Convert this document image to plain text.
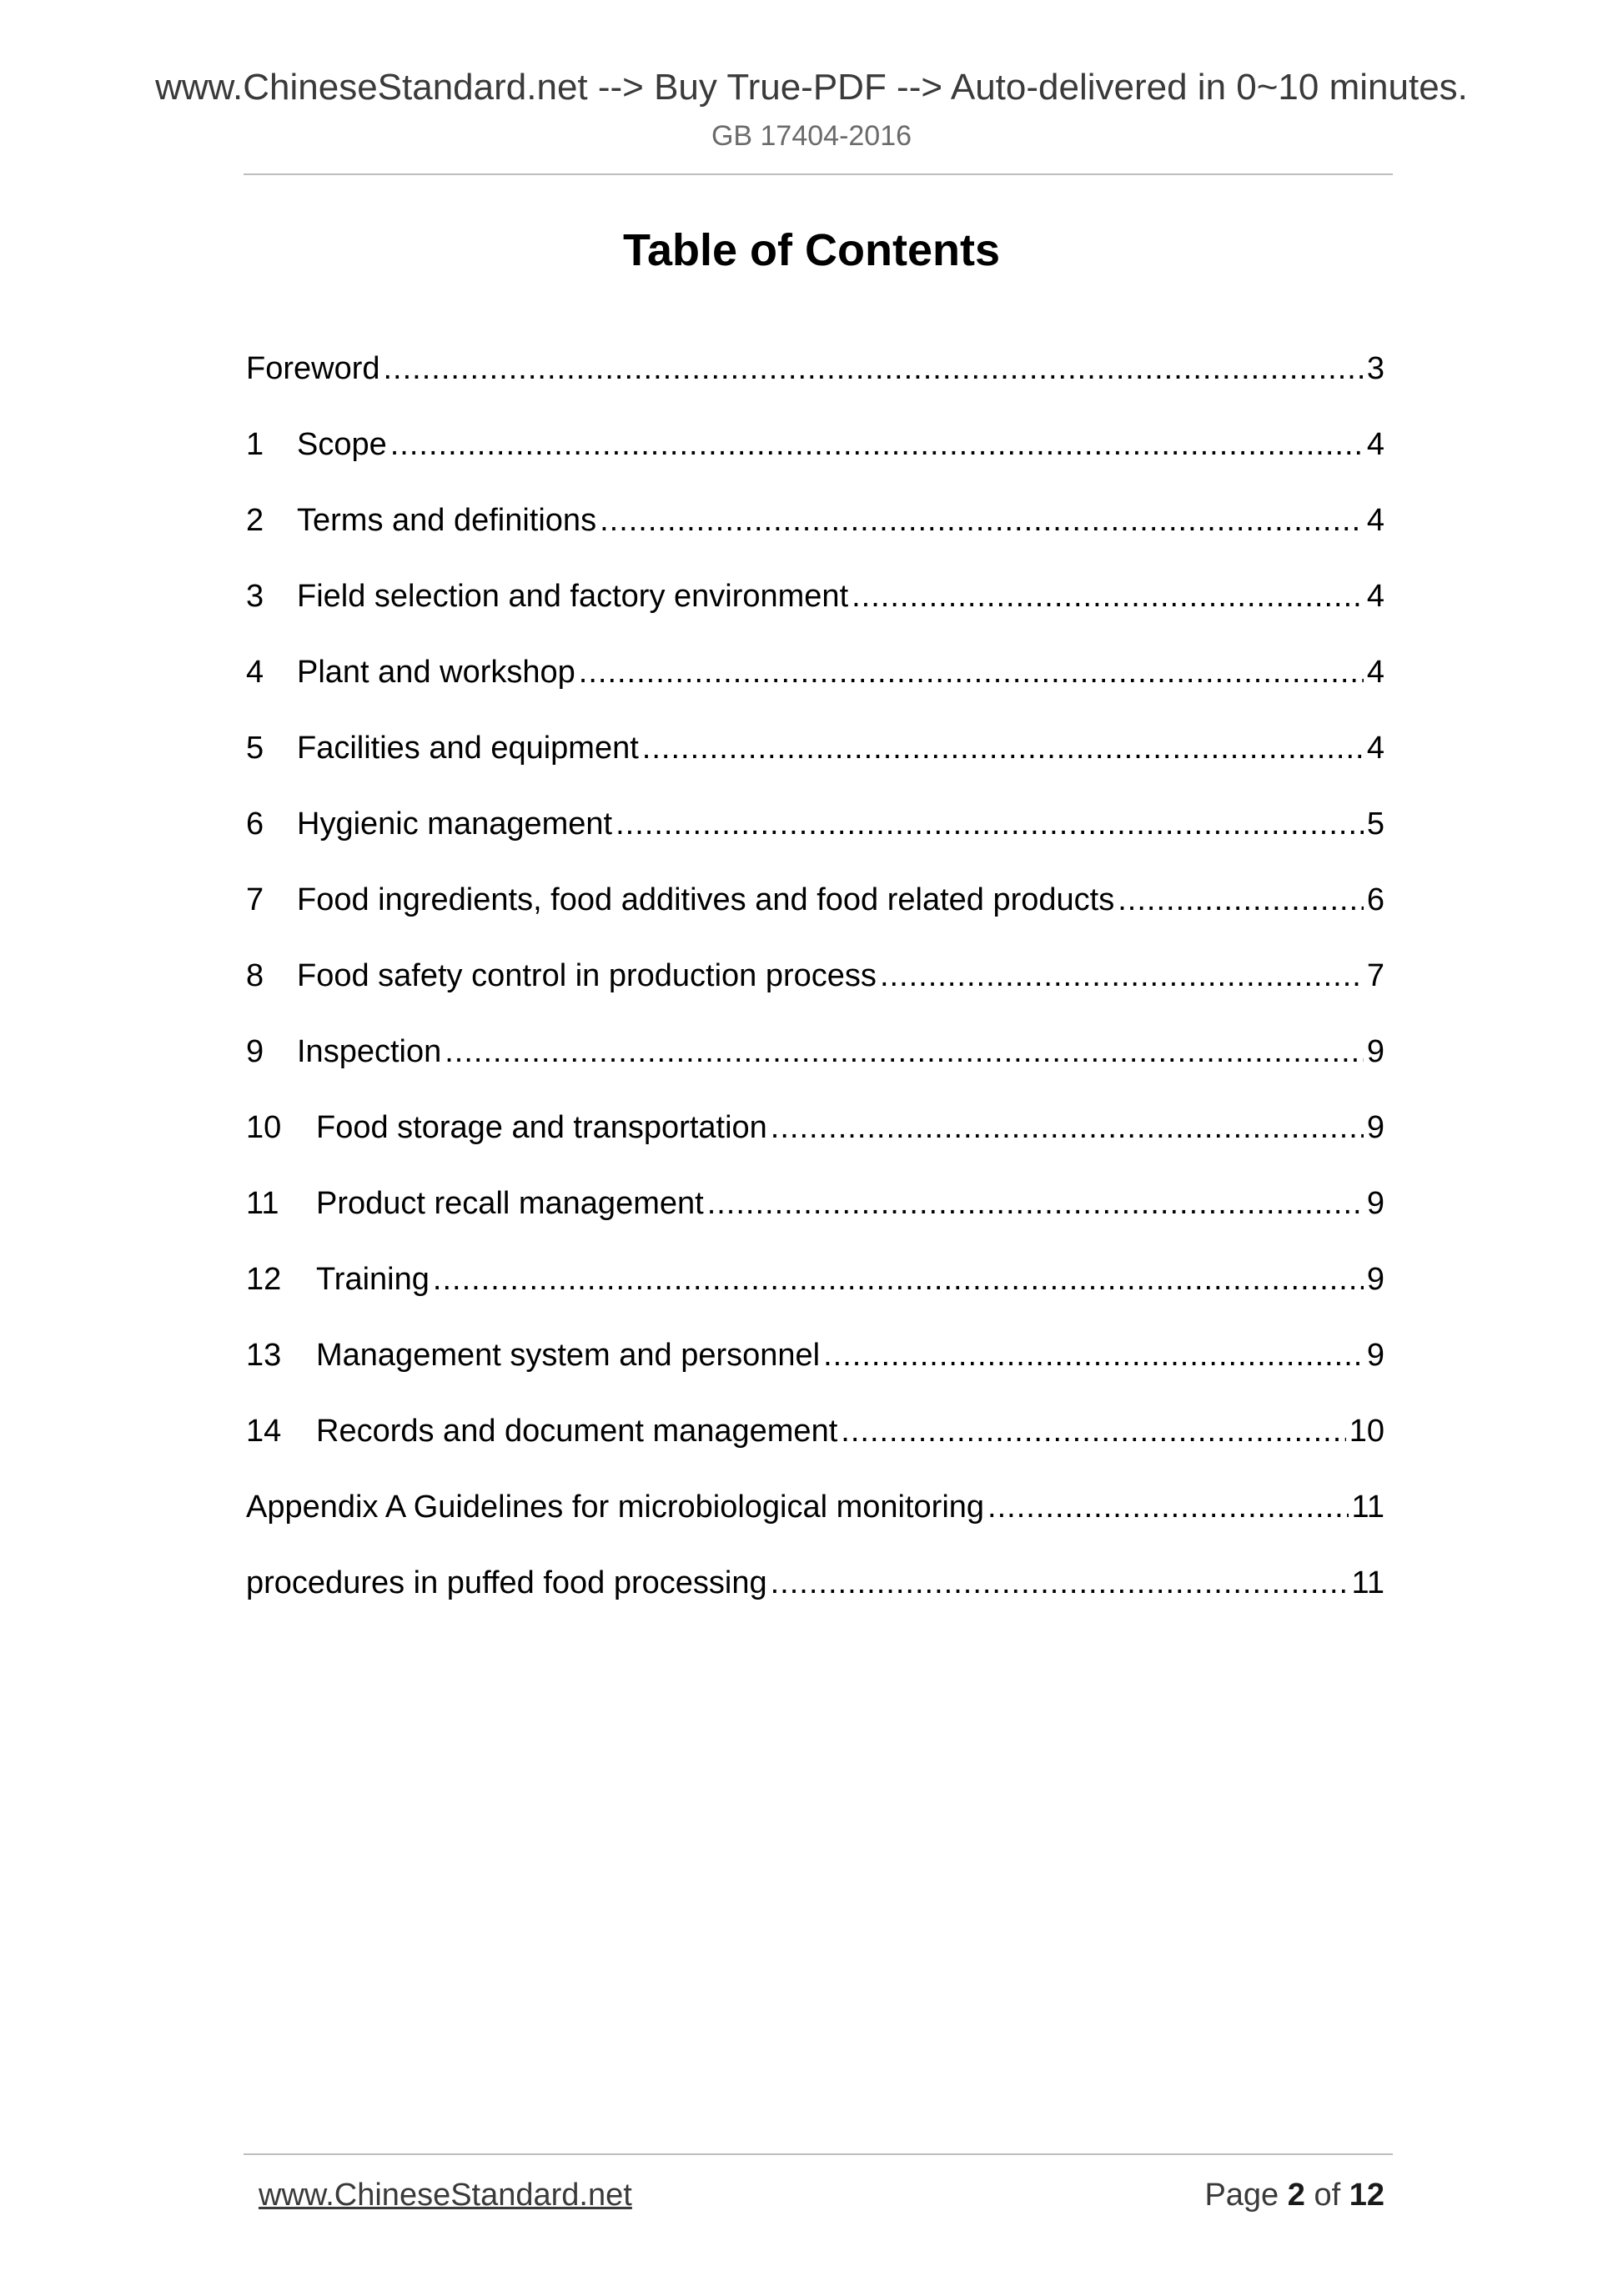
www.ChineseStandard.net --> Buy True-PDF --> Auto-delivered in 0~10 minutes.
GB 17404-2016
Table of Contents
Foreword .....	3
1	Scope .....	4
2	Terms and definitions .....	4
3	Field selection and factory environment .....	4
4	Plant and workshop .....	4
5	Facilities and equipment .....	4
6	Hygienic management .....	5
7	Food ingredients, food additives and food related products .....	6
8	Food safety control in production process .....	7
9	Inspection .....	9
10	Food storage and transportation .....	9
11	Product recall management .....	9
12	Training .....	9
13	Management system and personnel .....	9
14	Records and document management .....	10
Appendix A Guidelines for microbiological monitoring .....	11
procedures in puffed food processing .....	11
www.ChineseStandard.net	Page 2 of 12
